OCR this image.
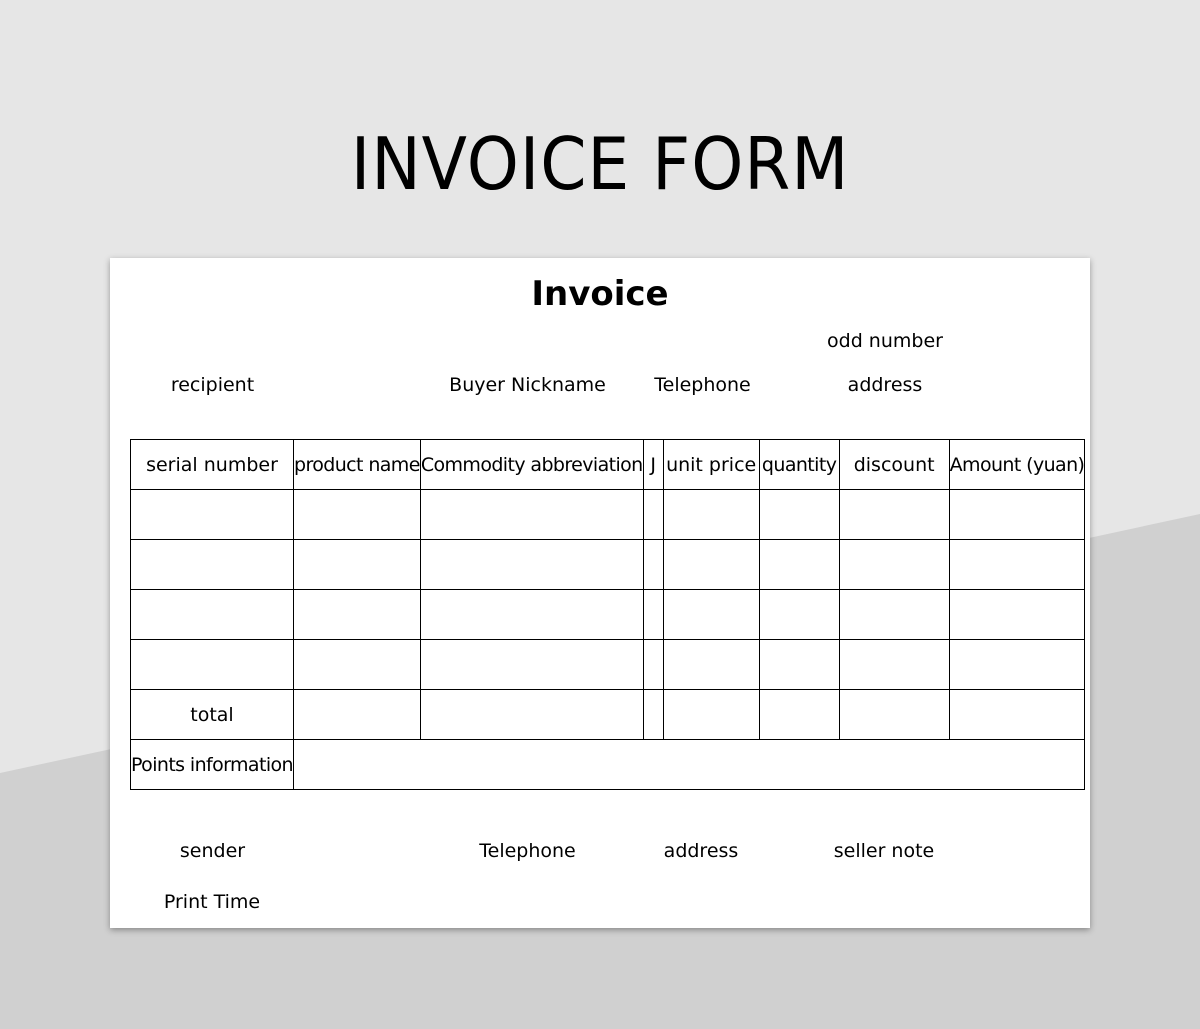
INVOICE FORM
Invoice
odd number
recipient	Buyer Nickname	Telephone	address
serial number	product name	Commodity abbreviation	J	unit price	quantity	discount	Amount (yuan)

total							
Points information							
sender	Telephone	address	seller note
Print Time
